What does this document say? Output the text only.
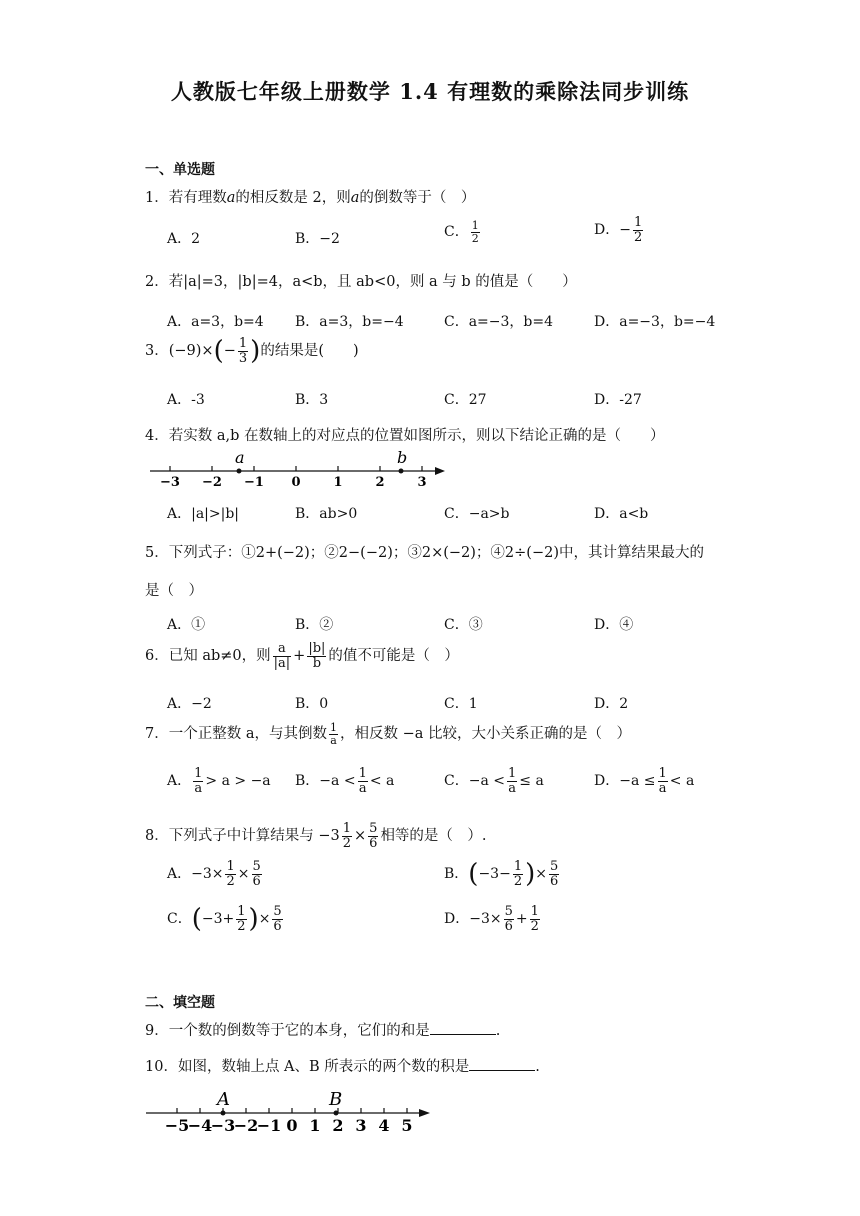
人教版七年级上册数学 1.4 有理数的乘除法同步训练
一、单选题
1．若有理数a的相反数是 2，则a的倒数等于（　）
A．2	B．−2	C． $\frac{1}{2}$	D．− $\frac{1}{2}$
2．若|a|=3，|b|=4，a<b，且 ab<0，则 a 与 b 的值是（　　）
A．a=3，b=4 B．a=3，b=−4	C．a=−3，b=4	D．a=−3，b=−4
3．$(-9)\times(- \frac{1}{3}$ )的结果是(　　)
A．-3	B．3	C．27	D．-27
4．若实数 a,b 在数轴上的对应点的位置如图所示，则以下结论正确的是（　　）
−3 −2 −1 0	1	2	3
a	b
A．|a|>|b|	B．ab>0	C．−a>b	D．a<b
5．下列式子：①2+(−2)；②2−(−2)；③2×(−2)；④2÷(−2)中，其计算结果最大的
是（　）
A．①	B．②	C．③	D．④
6．已知 ab≠0，则 $\frac{a}{|a|} + \frac{|b|}{b}$ 的值不可能是（　）
A．−2	B．0	C．1	D．2
7．一个正整数 a，与其倒数 $\frac{1}{a}$ ，相反数 −a 比较，大小关系正确的是（　）
A． $\frac{1}{a} > a > -a$ B．$-a < \frac{1}{a} < a$	C．$-a < \frac{1}{a} \le a$	D．$-a \le \frac{1}{a} < a$
8．下列式子中计算结果与 $-3 \frac{1}{2} \times \frac{5}{6}$ 相等的是（　）.
A．$-3\times \frac{1}{2} \times \frac{5}{6}$	B．($-3- \frac{1}{2}$ )× $\frac{5}{6}$
C．($-3+ \frac{1}{2}$ )× $\frac{5}{6}$	D．$-3\times \frac{5}{6} + \frac{1}{2}$
二、填空题
9．一个数的倒数等于它的本身，它们的和是	.
10．如图，数轴上点 A、B 所表示的两个数的积是	.
−5
−4
−3
−2
−1 0 1 2 3 4 5
A	B
